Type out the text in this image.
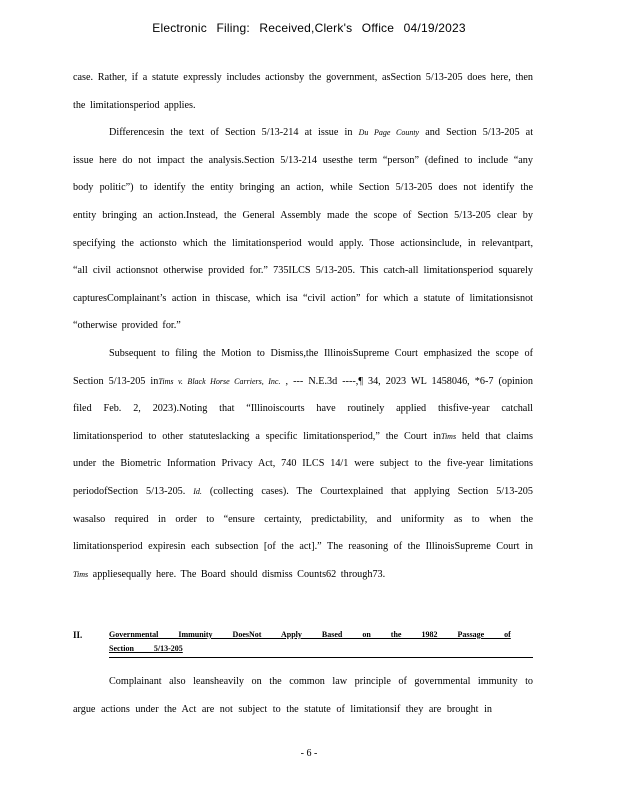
Electronic Filing: Received,Clerk's Office 04/19/2023

case. Rather, if a statute expressly includes actionsby the government, asSection 5/13-205 does here, then the limitationsperiod applies.

Differencesin the text of Section 5/13-214 at issue in Du Page County and Section 5/13-205 at issue here do not impact the analysis.Section 5/13-214 usesthe term “person” (defined to include “any body politic”) to identify the entity bringing an action, while Section 5/13-205 does not identify the entity bringing an action.Instead, the General Assembly made the scope of Section 5/13-205 clear by specifying the actionsto which the limitationsperiod would apply. Those actionsinclude, in relevantpart, “all civil actionsnot otherwise provided for.” 735ILCS 5/13-205. This catch-all limitationsperiod squarely capturesComplainant’s action in thiscase, which isa “civil action” for which a statute of limitationsisnot “otherwise provided for.”

Subsequent to filing the Motion to Dismiss,the IllinoisSupreme Court emphasized the scope of Section 5/13-205 inTims v. Black Horse Carriers, Inc. , --- N.E.3d ----,¶ 34, 2023 WL 1458046, *6-7 (opinion filed Feb. 2, 2023).Noting that “Illinoiscourts have routinely applied thisfive-year catchall limitationsperiod to other statuteslacking a specific limitationsperiod,” the Court inTims held that claims under the Biometric Information Privacy Act, 740 ILCS 14/1 were subject to the five-year limitations periodofSection 5/13-205. Id. (collecting cases). The Courtexplained that applying Section 5/13-205 wasalso required in order to “ensure certainty, predictability, and uniformity as to when the limitationsperiod expiresin each subsection [of the act].” The reasoning of the IllinoisSupreme Court in Tims appliesequally here. The Board should dismiss Counts62 through73.

II.	Governmental Immunity DoesNot Apply Based on the 1982 Passage of Section 5/13-205

Complainant also leansheavily on the common law principle of governmental immunity to argue actions under the Act are not subject to the statute of limitationsif they are brought in

- 6 -
